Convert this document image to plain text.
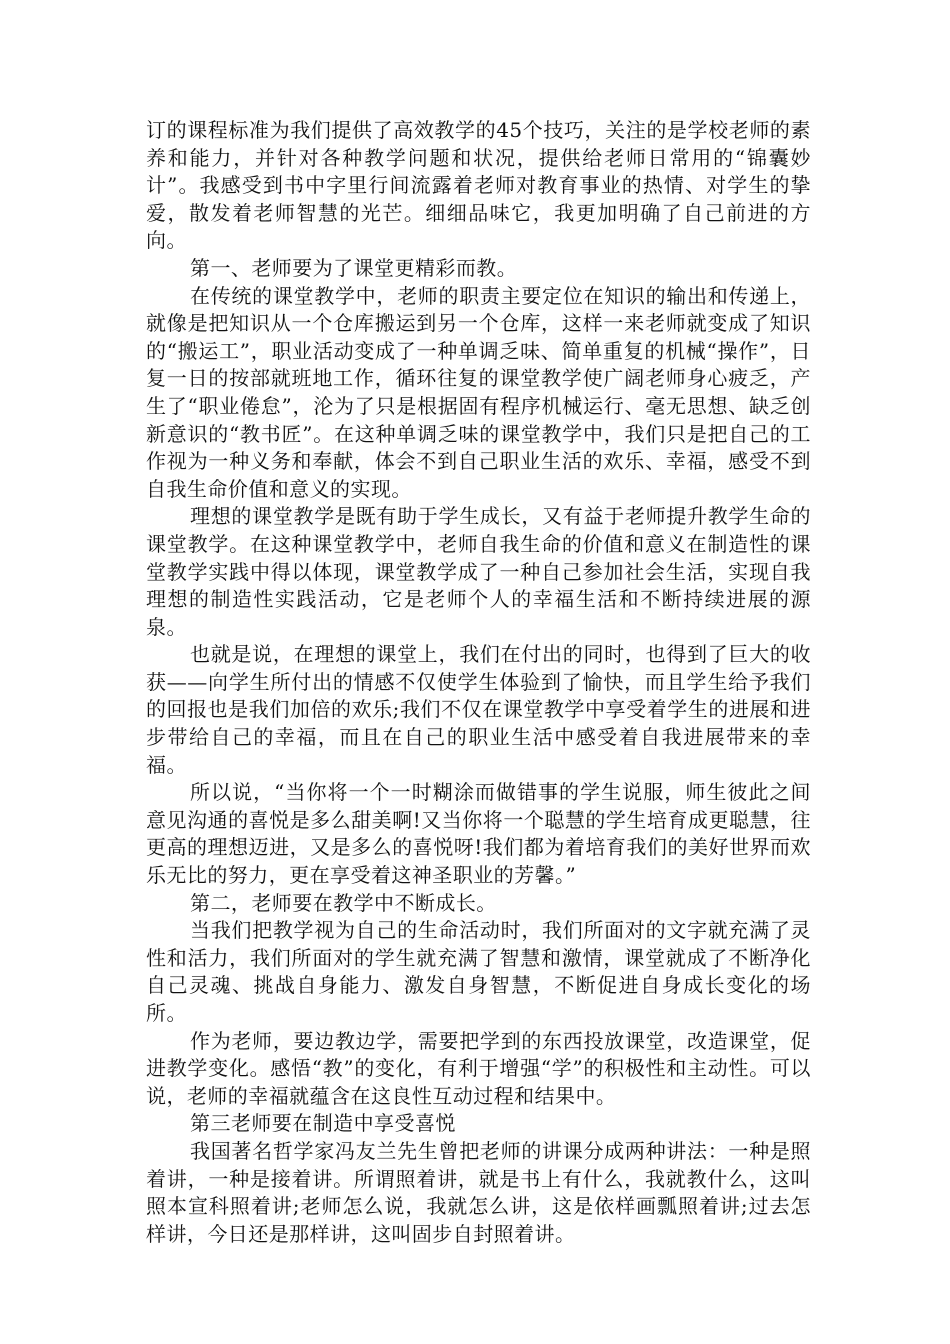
订的课程标准为我们提供了高效教学的45个技巧，关注的是学校老师的素养和能力，并针对各种教学问题和状况，提供给老师日常用的“锦囊妙计”。我感受到书中字里行间流露着老师对教育事业的热情、对学生的挚爱，散发着老师智慧的光芒。细细品味它，我更加明确了自己前进的方向。

第一、老师要为了课堂更精彩而教。

在传统的课堂教学中，老师的职责主要定位在知识的输出和传递上，就像是把知识从一个仓库搬运到另一个仓库，这样一来老师就变成了知识的“搬运工”，职业活动变成了一种单调乏味、简单重复的机械“操作”，日复一日的按部就班地工作，循环往复的课堂教学使广阔老师身心疲乏，产生了“职业倦怠”，沦为了只是根据固有程序机械运行、毫无思想、缺乏创新意识的“教书匠”。在这种单调乏味的课堂教学中，我们只是把自己的工作视为一种义务和奉献，体会不到自己职业生活的欢乐、幸福，感受不到自我生命价值和意义的实现。

理想的课堂教学是既有助于学生成长，又有益于老师提升教学生命的课堂教学。在这种课堂教学中，老师自我生命的价值和意义在制造性的课堂教学实践中得以体现，课堂教学成了一种自己参加社会生活，实现自我理想的制造性实践活动，它是老师个人的幸福生活和不断持续进展的源泉。

也就是说，在理想的课堂上，我们在付出的同时，也得到了巨大的收获——向学生所付出的情感不仅使学生体验到了愉快，而且学生给予我们的回报也是我们加倍的欢乐;我们不仅在课堂教学中享受着学生的进展和进步带给自己的幸福，而且在自己的职业生活中感受着自我进展带来的幸福。

所以说，“当你将一个一时糊涂而做错事的学生说服，师生彼此之间意见沟通的喜悦是多么甜美啊!又当你将一个聪慧的学生培育成更聪慧，往更高的理想迈进，又是多么的喜悦呀!我们都为着培育我们的美好世界而欢乐无比的努力，更在享受着这神圣职业的芳馨。”

第二，老师要在教学中不断成长。

当我们把教学视为自己的生命活动时，我们所面对的文字就充满了灵性和活力，我们所面对的学生就充满了智慧和激情，课堂就成了不断净化自己灵魂、挑战自身能力、激发自身智慧，不断促进自身成长变化的场所。

作为老师，要边教边学，需要把学到的东西投放课堂，改造课堂，促进教学变化。感悟“教”的变化，有利于增强“学”的积极性和主动性。可以说，老师的幸福就蕴含在这良性互动过程和结果中。

第三老师要在制造中享受喜悦

我国著名哲学家冯友兰先生曾把老师的讲课分成两种讲法：一种是照着讲，一种是接着讲。所谓照着讲，就是书上有什么，我就教什么，这叫照本宣科照着讲;老师怎么说，我就怎么讲，这是依样画瓢照着讲;过去怎样讲，今日还是那样讲，这叫固步自封照着讲。
